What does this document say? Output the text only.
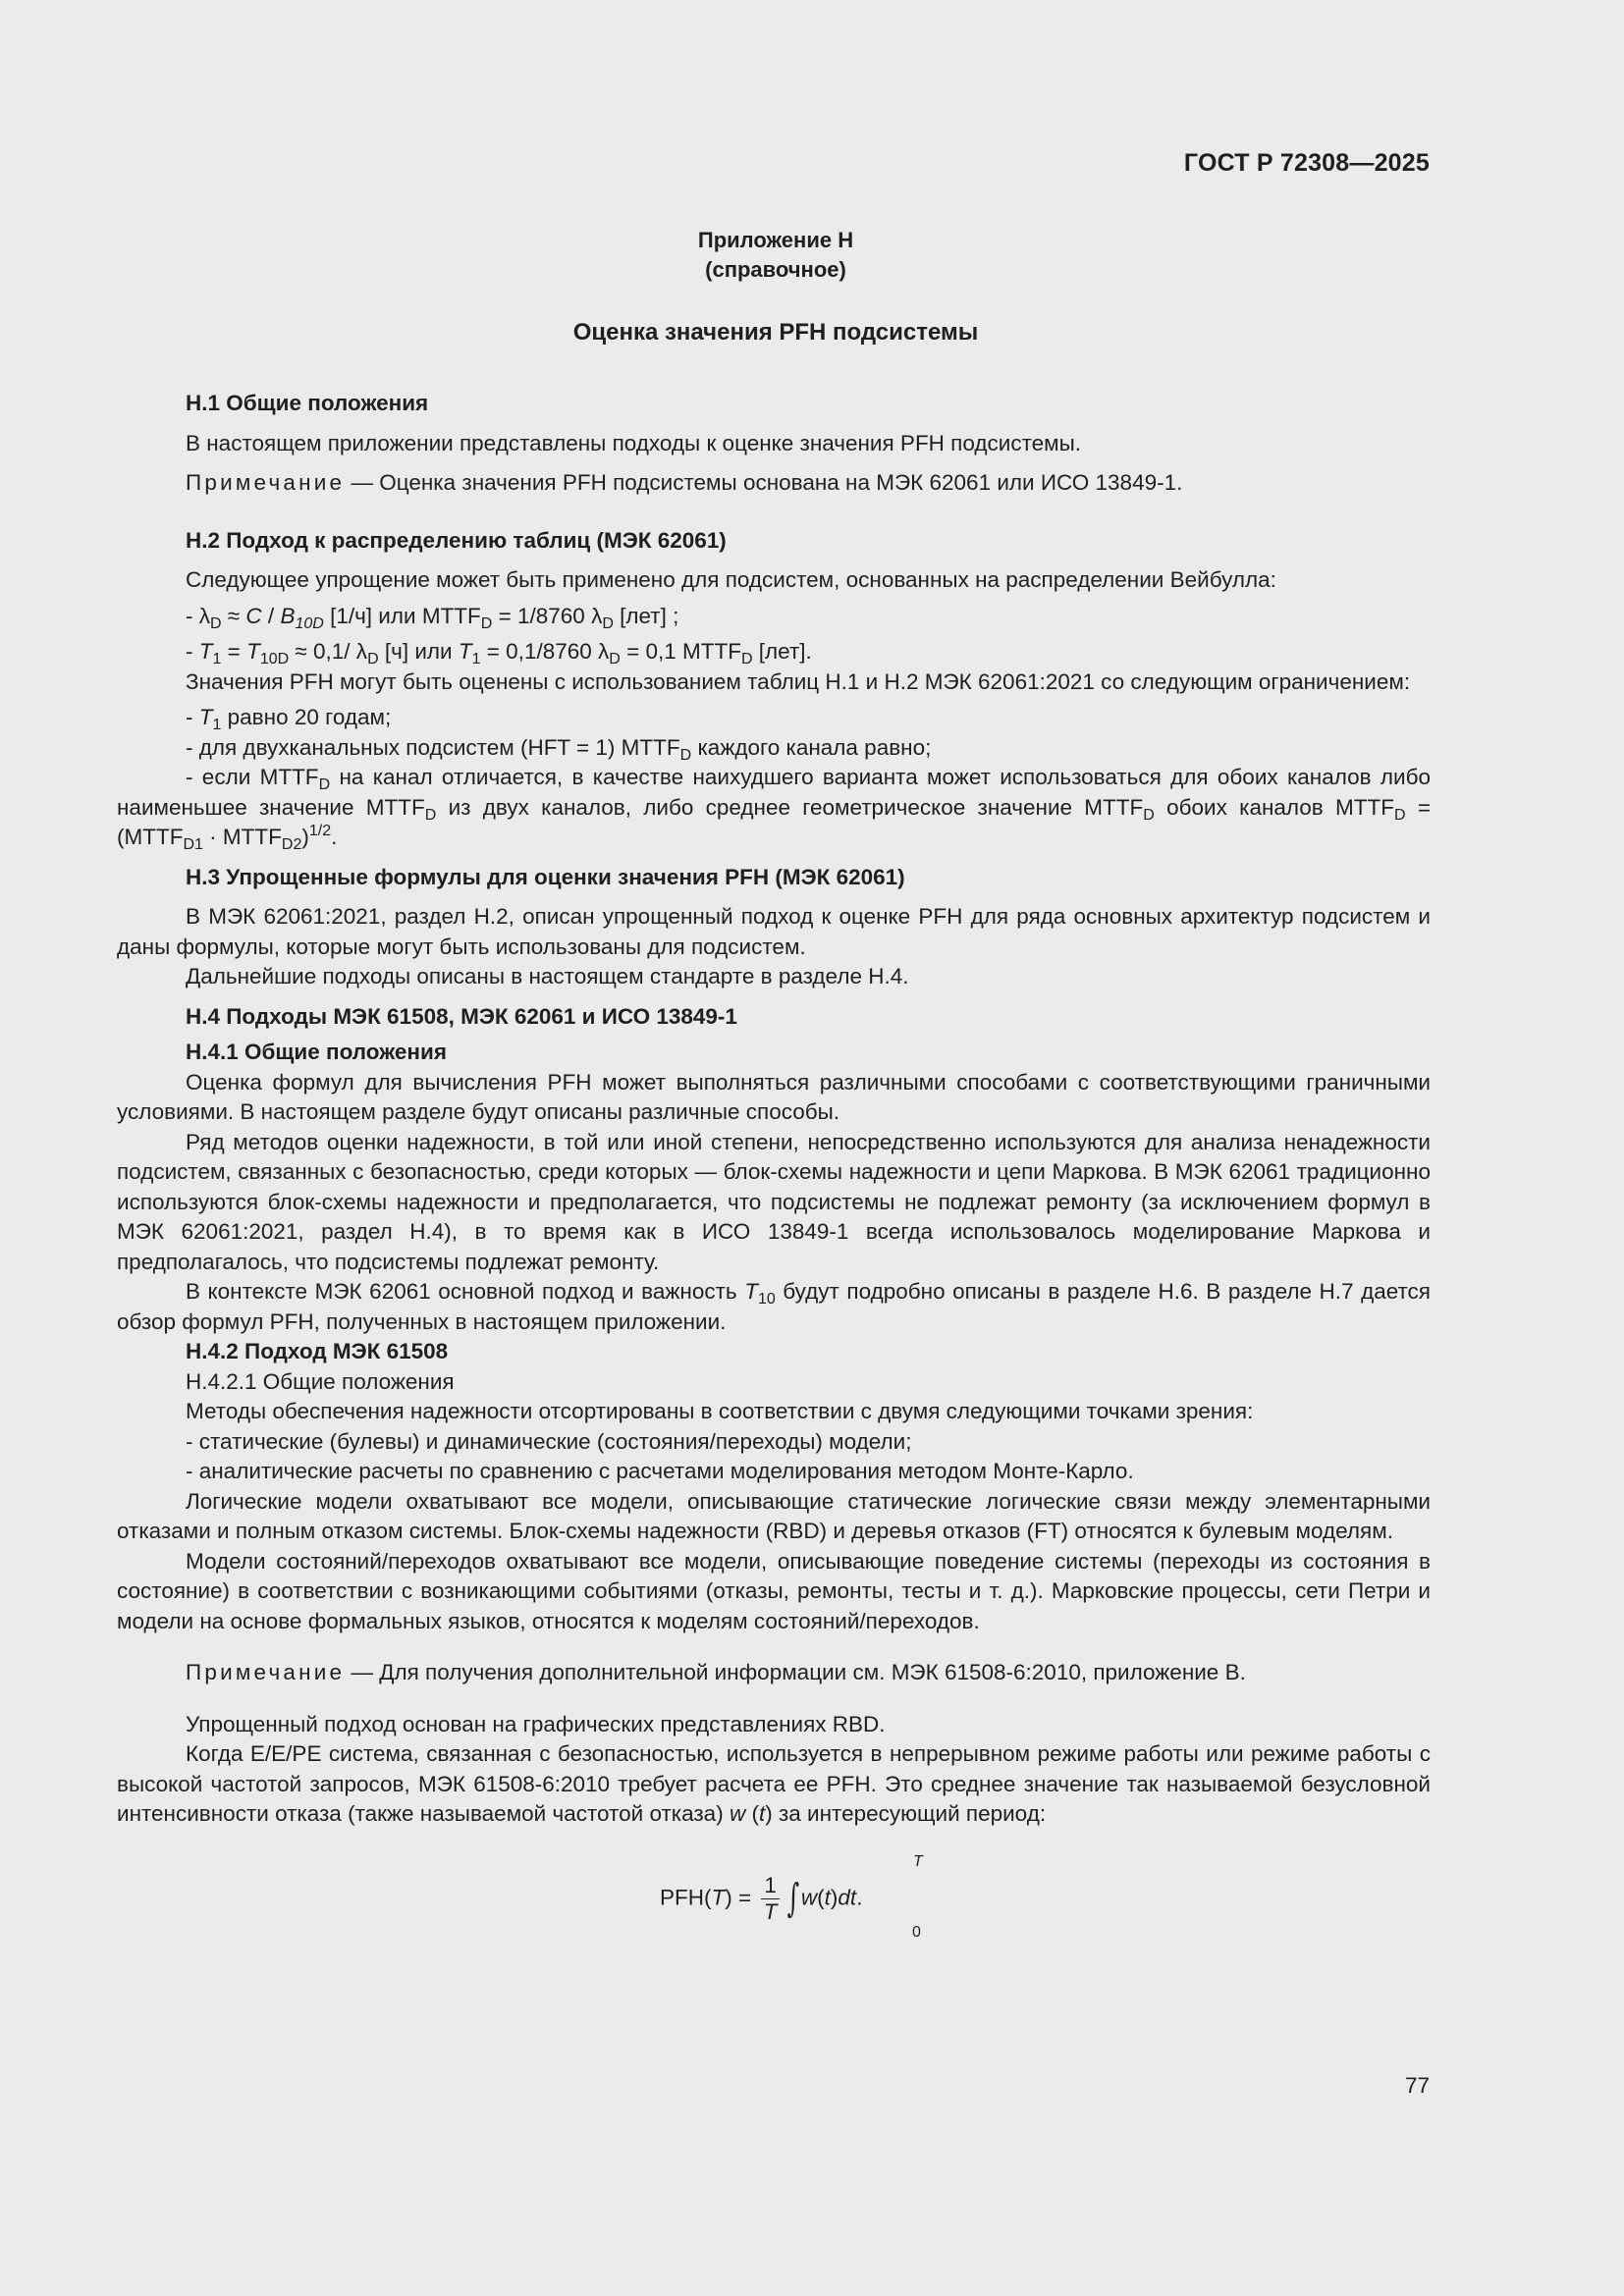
ГОСТ Р 72308—2025
Приложение Н
(справочное)
Оценка значения PFH подсистемы

Н.1 Общие положения

В настоящем приложении представлены подходы к оценке значения PFH подсистемы.

Примечание — Оценка значения PFH подсистемы основана на МЭК 62061 или ИСО 13849-1.

Н.2 Подход к распределению таблиц (МЭК 62061)

Следующее упрощение может быть применено для подсистем, основанных на распределении Вейбулла:

- $\lambda_D \approx C / B_{10D}$ [1/ч] или $MTTF_D = 1/8760$ $\lambda_D$ [лет] ;

- $T_1 = T_{10D} \approx 0,1/$ $\lambda_D$ [ч] или $T_1 = 0,1/8760$ $\lambda_D = 0,1$ $MTTF_D$ [лет].

Значения PFH могут быть оценены с использованием таблиц Н.1 и Н.2 МЭК 62061:2021 со следующим ограничением:

- $T_1$ равно 20 годам;

- для двухканальных подсистем (HFT = 1) $MTTF_D$ каждого канала равно;

- если $MTTF_D$ на канал отличается, в качестве наихудшего варианта может использоваться для обоих каналов либо наименьшее значение $MTTF_D$ из двух каналов, либо среднее геометрическое значение $MTTF_D$ обоих каналов $MTTF_D$ = ($MTTF_{D1}$ · $MTTF_{D2})^{1/2}$.

Н.3 Упрощенные формулы для оценки значения PFH (МЭК 62061)

В МЭК 62061:2021, раздел Н.2, описан упрощенный подход к оценке PFH для ряда основных архитектур подсистем и даны формулы, которые могут быть использованы для подсистем.

Дальнейшие подходы описаны в настоящем стандарте в разделе Н.4.

Н.4 Подходы МЭК 61508, МЭК 62061 и ИСО 13849-1

Н.4.1 Общие положения

Оценка формул для вычисления PFH может выполняться различными способами с соответствующими граничными условиями. В настоящем разделе будут описаны различные способы.

Ряд методов оценки надежности, в той или иной степени, непосредственно используются для анализа ненадежности подсистем, связанных с безопасностью, среди которых — блок-схемы надежности и цепи Маркова. В МЭК 62061 традиционно используются блок-схемы надежности и предполагается, что подсистемы не подлежат ремонту (за исключением формул в МЭК 62061:2021, раздел Н.4), в то время как в ИСО 13849-1 всегда использовалось моделирование Маркова и предполагалось, что подсистемы подлежат ремонту.

В контексте МЭК 62061 основной подход и важность $T_{10}$ будут подробно описаны в разделе Н.6. В разделе Н.7 дается обзор формул PFH, полученных в настоящем приложении.

Н.4.2 Подход МЭК 61508

Н.4.2.1 Общие положения

Методы обеспечения надежности отсортированы в соответствии с двумя следующими точками зрения:

- статические (булевы) и динамические (состояния/переходы) модели;

- аналитические расчеты по сравнению с расчетами моделирования методом Монте-Карло.

Логические модели охватывают все модели, описывающие статические логические связи между элементарными отказами и полным отказом системы. Блок-схемы надежности (RBD) и деревья отказов (FT) относятся к булевым моделям.

Модели состояний/переходов охватывают все модели, описывающие поведение системы (переходы из состояния в состояние) в соответствии с возникающими событиями (отказы, ремонты, тесты и т. д.). Марковские процессы, сети Петри и модели на основе формальных языков, относятся к моделям состояний/переходов.

Примечание — Для получения дополнительной информации см. МЭК 61508-6:2010, приложение В.

Упрощенный подход основан на графических представлениях RBD.

Когда Е/Е/РЕ система, связанная с безопасностью, используется в непрерывном режиме работы или режиме работы с высокой частотой запросов, МЭК 61508-6:2010 требует расчета ее PFH. Это среднее значение так называемой безусловной интенсивности отказа (также называемой частотой отказа) w (t) за интересующий период:

T
$PFH(T) = \frac{1}{T} \int w(t)dt$.
0
77
